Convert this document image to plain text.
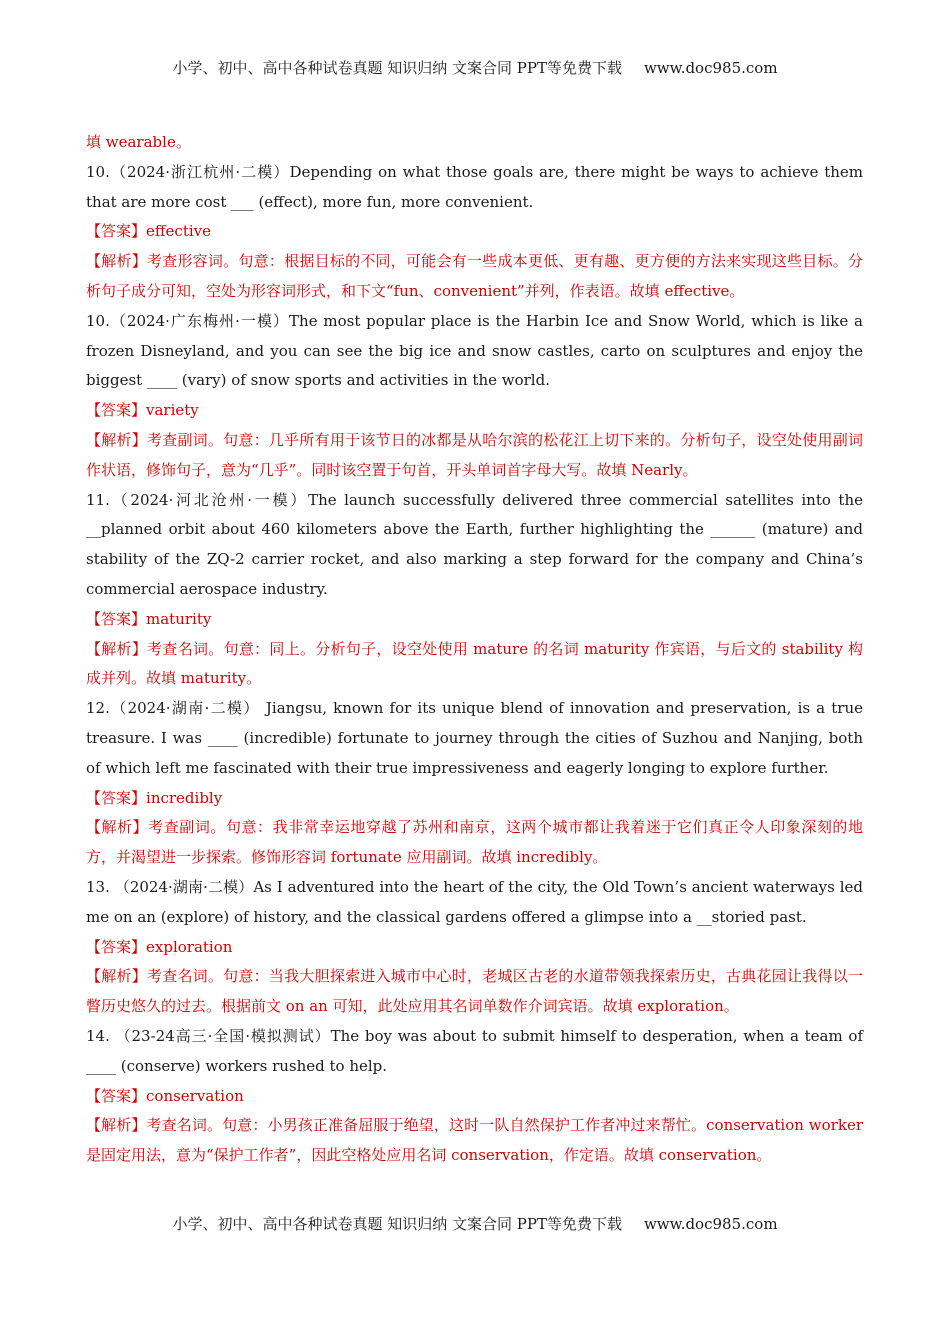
小学、初中、高中各种试卷真题 知识归纳 文案合同 PPT等免费下载 www.doc985.com

填 wearable。

10.（2024·浙江杭州·二模）Depending on what those goals are, there might be ways to achieve them that are more cost ___ (effect), more fun, more convenient.

【答案】effective

【解析】考查形容词。句意：根据目标的不同，可能会有一些成本更低、更有趣、更方便的方法来实现这些目标。分析句子成分可知，空处为形容词形式，和下文“fun、convenient”并列，作表语。故填 effective。

10.（2024·广东梅州·一模）The most popular place is the Harbin Ice and Snow World, which is like a frozen Disneyland, and you can see the big ice and snow castles, carto on sculptures and enjoy the biggest ____ (vary) of snow sports and activities in the world.

【答案】variety

【解析】考查副词。句意：几乎所有用于该节日的冰都是从哈尔滨的松花江上切下来的。分析句子，设空处使用副词作状语，修饰句子，意为“几乎”。同时该空置于句首，开头单词首字母大写。故填 Nearly。

11.（2024·河北沧州·一模）The launch successfully delivered three commercial satellites into the __planned orbit about 460 kilometers above the Earth, further highlighting the ______ (mature) and stability of the ZQ-2 carrier rocket, and also marking a step forward for the company and China’s commercial aerospace industry.

【答案】maturity

【解析】考查名词。句意：同上。分析句子，设空处使用 mature 的名词 maturity 作宾语，与后文的 stability 构成并列。故填 maturity。

12.（2024·湖南·二模） Jiangsu, known for its unique blend of innovation and preservation, is a true treasure. I was ____ (incredible) fortunate to journey through the cities of Suzhou and Nanjing, both of which left me fascinated with their true impressiveness and eagerly longing to explore further.

【答案】incredibly

【解析】考查副词。句意：我非常幸运地穿越了苏州和南京，这两个城市都让我着迷于它们真正令人印象深刻的地方，并渴望进一步探索。修饰形容词 fortunate 应用副词。故填 incredibly。

13. （2024·湖南·二模）As I adventured into the heart of the city, the Old Town’s ancient waterways led me on an (explore) of history, and the classical gardens offered a glimpse into a __storied past.

【答案】exploration

【解析】考查名词。句意：当我大胆探索进入城市中心时，老城区古老的水道带领我探索历史，古典花园让我得以一瞥历史悠久的过去。根据前文 on an 可知，此处应用其名词单数作介词宾语。故填 exploration。

14. （23-24高三·全国·模拟测试）The boy was about to submit himself to desperation, when a team of ____ (conserve) workers rushed to help.

【答案】conservation

【解析】考查名词。句意：小男孩正准备屈服于绝望，这时一队自然保护工作者冲过来帮忙。conservation worker 是固定用法，意为“保护工作者”，因此空格处应用名词 conservation，作定语。故填 conservation。

小学、初中、高中各种试卷真题 知识归纳 文案合同 PPT等免费下载 www.doc985.com
